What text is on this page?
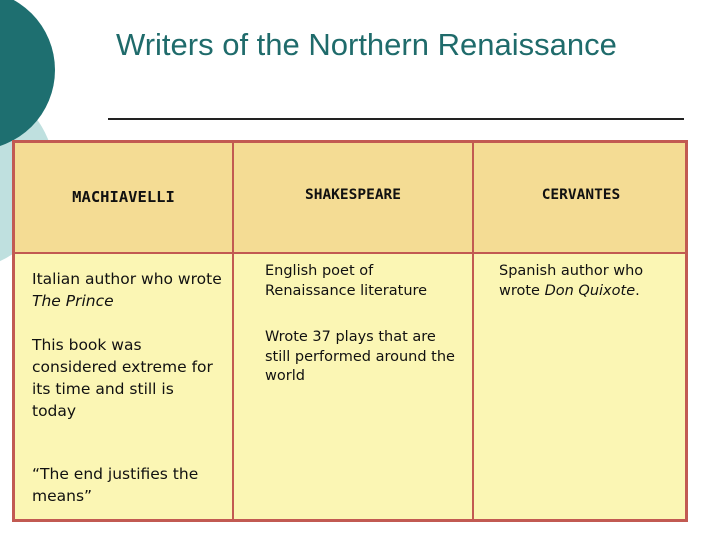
Writers of the Northern Renaissance
MACHIAVELLI	SHAKESPEARE	CERVANTES

Italian author who wrote The Prince

This book was considered extreme for its time and still is today

“The end justifies the means”

English poet of Renaissance literature

Wrote 37 plays that are still performed around the world

Spanish author who wrote Don Quixote.
